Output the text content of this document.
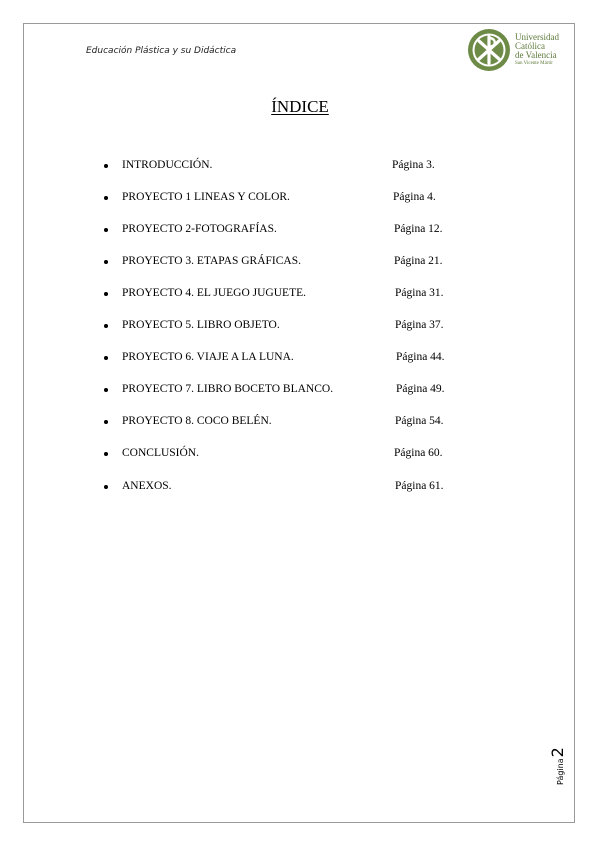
Educación Plástica y su Didáctica
Universidad
Católica
de Valencia
San Vicente Mártir
ÍNDICE
INTRODUCCIÓN.	Página 3.
PROYECTO 1 LINEAS Y COLOR.	Página 4.
PROYECTO 2-FOTOGRAFÍAS.	Página 12.
PROYECTO 3. ETAPAS GRÁFICAS.	Página 21.
PROYECTO 4. EL JUEGO JUGUETE.	Página 31.
PROYECTO 5. LIBRO OBJETO.	Página 37.
PROYECTO 6. VIAJE A LA LUNA.	Página 44.
PROYECTO 7. LIBRO BOCETO BLANCO.	Página 49.
PROYECTO 8. COCO BELÉN.	Página 54.
CONCLUSIÓN.	Página 60.
ANEXOS.	Página 61.
Página2
